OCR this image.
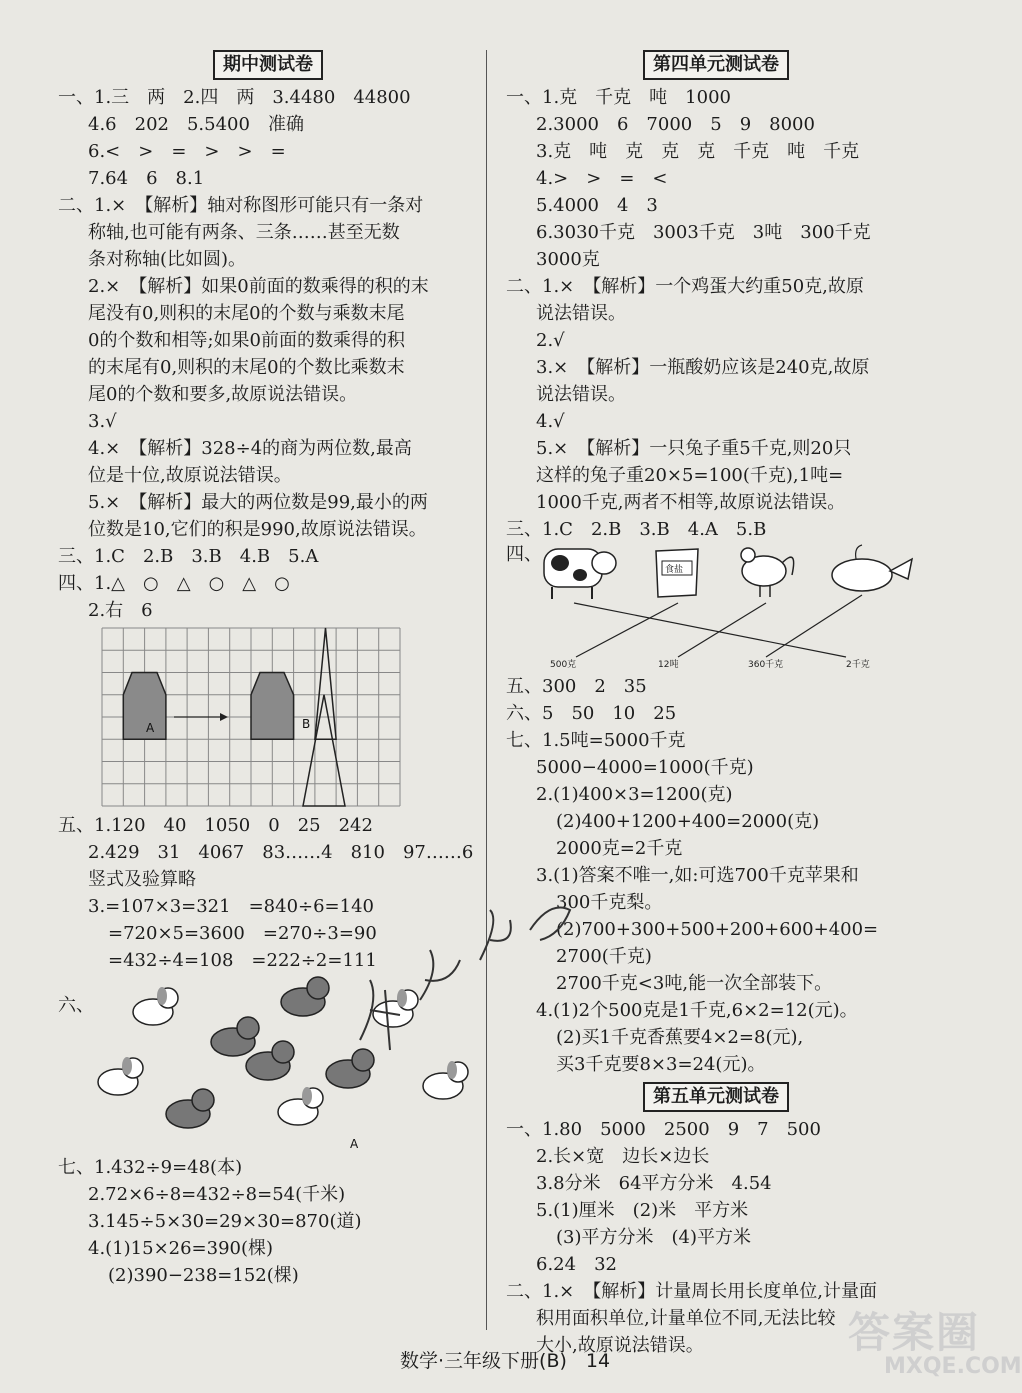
期中测试卷
一、1.三　两　2.四　两　3.4480　44800
4.6　202　5.5400　准确
6.<　>　=　>　>　=
7.64　6　8.1
二、1.×　【解析】轴对称图形可能只有一条对
称轴,也可能有两条、三条……甚至无数
条对称轴(比如圆)。
2.×　【解析】如果0前面的数乘得的积的末
尾没有0,则积的末尾0的个数与乘数末尾
0的个数和相等;如果0前面的数乘得的积
的末尾有0,则积的末尾0的个数比乘数末
尾0的个数和要多,故原说法错误。
3.√
4.×　【解析】328÷4的商为两位数,最高
位是十位,故原说法错误。
5.×　【解析】最大的两位数是99,最小的两
位数是10,它们的积是990,故原说法错误。
三、1.C　2.B　3.B　4.B　5.A
四、1.△　○　△　○　△　○
2.右　6
A	B
五、1.120　40　1050　0　25　242
2.429　31　4067　83……4　810　97……6
竖式及验算略
3.=107×3=321　=840÷6=140
=720×5=3600　=270÷3=90
=432÷4=108　=222÷2=111
六、
A
七、1.432÷9=48(本)
2.72×6÷8=432÷8=54(千米)
3.145÷5×30=29×30=870(道)
4.(1)15×26=390(棵)
(2)390−238=152(棵)
第四单元测试卷
一、1.克　千克　吨　1000
2.3000　6　7000　5　9　8000
3.克　吨　克　克　克　千克　吨　千克
4.>　>　=　<
5.4000　4　3
6.3030千克　3003千克　3吨　300千克
3000克
二、1.×　【解析】一个鸡蛋大约重50克,故原
说法错误。
2.√
3.×　【解析】一瓶酸奶应该是240克,故原
说法错误。
4.√
5.×　【解析】一只兔子重5千克,则20只
这样的兔子重20×5=100(千克),1吨=
1000千克,两者不相等,故原说法错误。
三、1.C　2.B　3.B　4.A　5.B
四、
食盐
500克	12吨	360千克	2千克
五、300　2　35
六、5　50　10　25
七、1.5吨=5000千克
5000−4000=1000(千克)
2.(1)400×3=1200(克)
(2)400+1200+400=2000(克)
2000克=2千克
3.(1)答案不唯一,如:可选700千克苹果和
300千克梨。
(2)700+300+500+200+600+400=
2700(千克)
2700千克<3吨,能一次全部装下。
4.(1)2个500克是1千克,6×2=12(元)。
(2)买1千克香蕉要4×2=8(元),
买3千克要8×3=24(元)。
第五单元测试卷
一、1.80　5000　2500　9　7　500
2.长×宽　边长×边长
3.8分米　64平方分米　4.54
5.(1)厘米　(2)米　平方米
(3)平方分米　(4)平方米
6.24　32
二、1.×　【解析】计量周长用长度单位,计量面
积用面积单位,计量单位不同,无法比较
大小,故原说法错误。
数学·三年级下册(B)　14
答案圈
MXQE.COM
